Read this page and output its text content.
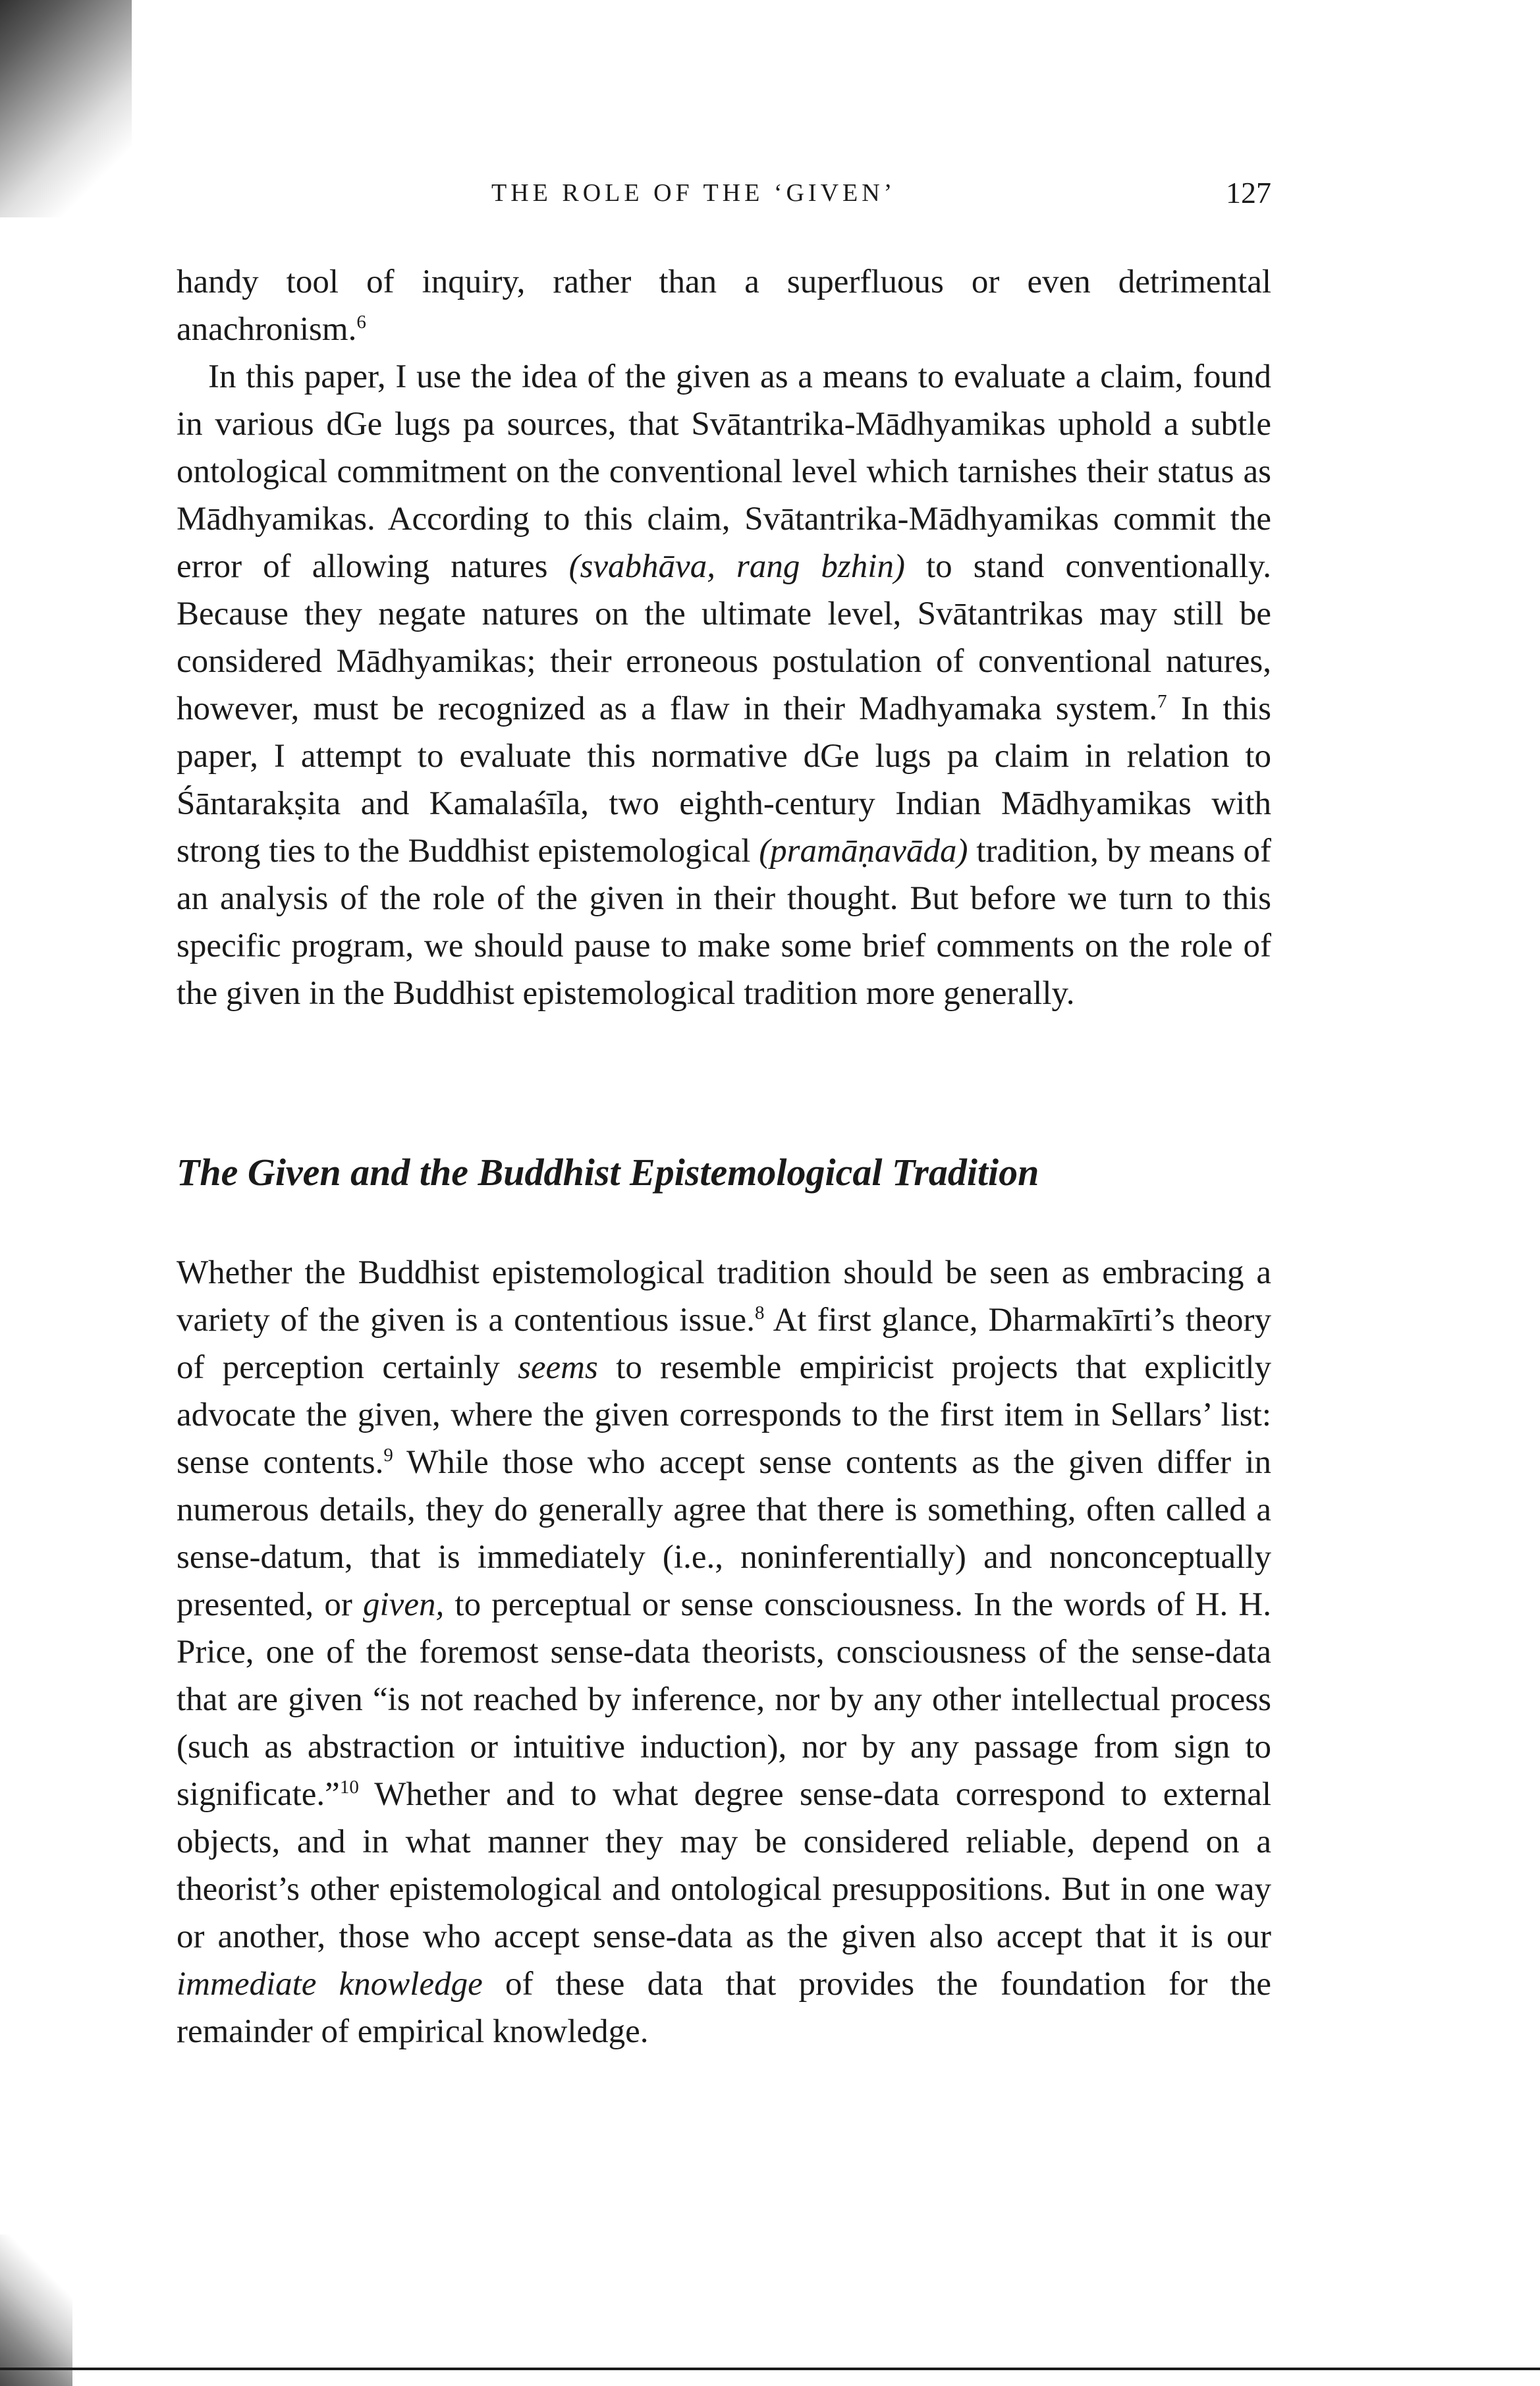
THE ROLE OF THE ‘GIVEN’	127

handy tool of inquiry, rather than a superfluous or even detrimental anachronism.$^6$

In this paper, I use the idea of the given as a means to evaluate a claim, found in various dGe lugs pa sources, that Svātantrika-Mādhyamikas uphold a subtle ontological commitment on the conventional level which tarnishes their status as Mādhyamikas. According to this claim, Svātantrika-Mādhyamikas commit the error of allowing natures (svabhāva, rang bzhin) to stand conventionally. Because they negate natures on the ultimate level, Svātantrikas may still be considered Mādhyamikas; their erroneous postulation of conventional natures, however, must be recognized as a flaw in their Madhyamaka system.$^7$ In this paper, I attempt to evaluate this normative dGe lugs pa claim in relation to Śāntarakṣita and Kamalaśīla, two eighth-century Indian Mādhyamikas with strong ties to the Buddhist epistemological (pramāṇavāda) tradition, by means of an analysis of the role of the given in their thought. But before we turn to this specific program, we should pause to make some brief comments on the role of the given in the Buddhist epistemological tradition more generally.

The Given and the Buddhist Epistemological Tradition

Whether the Buddhist epistemological tradition should be seen as embracing a variety of the given is a contentious issue.$^8$ At first glance, Dharmakīrti’s theory of perception certainly seems to resemble empiricist projects that explicitly advocate the given, where the given corresponds to the first item in Sellars’ list: sense contents.$^9$ While those who accept sense contents as the given differ in numerous details, they do generally agree that there is something, often called a sense-datum, that is immediately (i.e., noninferentially) and nonconceptually presented, or given, to perceptual or sense consciousness. In the words of H. H. Price, one of the foremost sense-data theorists, consciousness of the sense-data that are given “is not reached by inference, nor by any other intellectual process (such as abstraction or intuitive induction), nor by any passage from sign to significate.”$^{10}$ Whether and to what degree sense-data correspond to external objects, and in what manner they may be considered reliable, depend on a theorist’s other epistemological and ontological presuppositions. But in one way or another, those who accept sense-data as the given also accept that it is our immediate knowledge of these data that provides the foundation for the remainder of empirical knowledge.
